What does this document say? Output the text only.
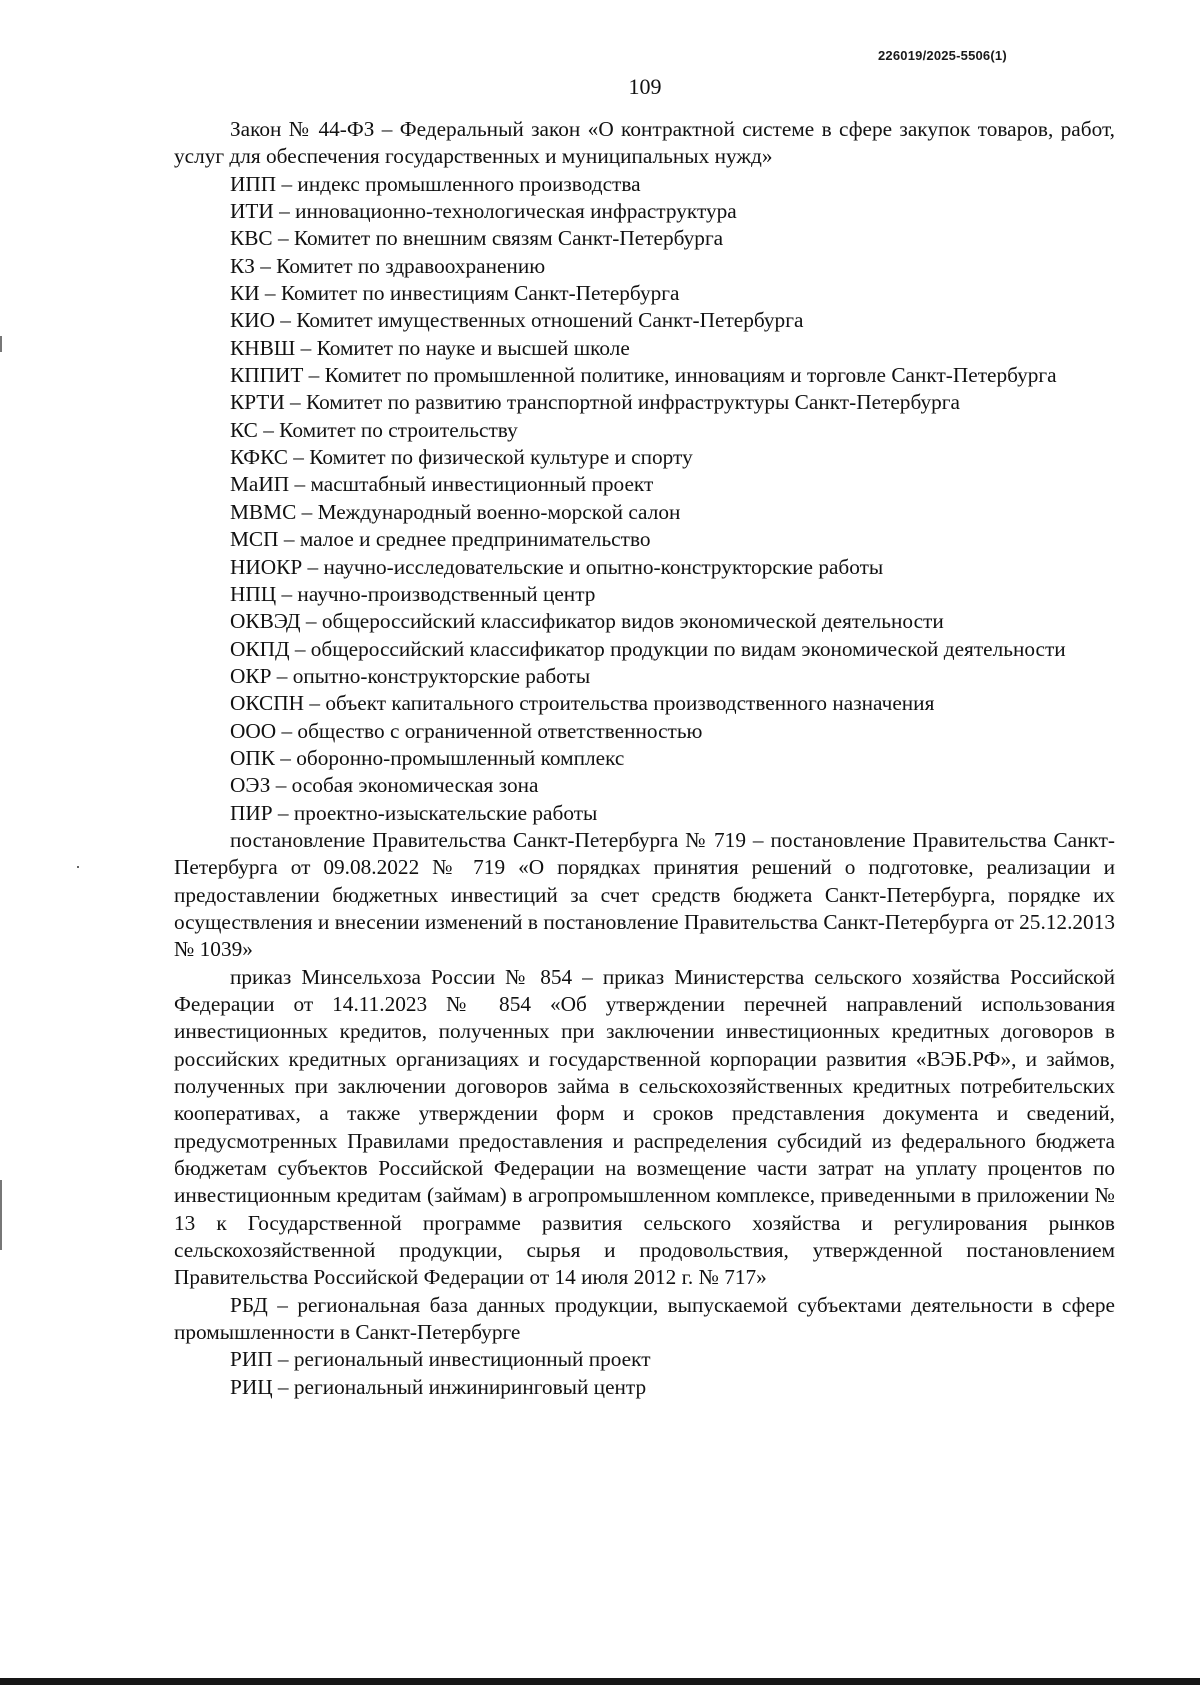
226019/2025-5506(1)
109

Закон № 44-ФЗ – Федеральный закон «О контрактной системе в сфере закупок товаров, работ, услуг для обеспечения государственных и муниципальных нужд»

ИПП – индекс промышленного производства

ИТИ – инновационно-технологическая инфраструктура

КВС – Комитет по внешним связям Санкт-Петербурга

КЗ – Комитет по здравоохранению

КИ – Комитет по инвестициям Санкт-Петербурга

КИО – Комитет имущественных отношений Санкт-Петербурга

КНВШ – Комитет по науке и высшей школе

КППИТ – Комитет по промышленной политике, инновациям и торговле Санкт-Петербурга

КРТИ – Комитет по развитию транспортной инфраструктуры Санкт-Петербурга

КС – Комитет по строительству

КФКС – Комитет по физической культуре и спорту

МаИП – масштабный инвестиционный проект

МВМС – Международный военно-морской салон

МСП – малое и среднее предпринимательство

НИОКР – научно-исследовательские и опытно-конструкторские работы

НПЦ – научно-производственный центр

ОКВЭД – общероссийский классификатор видов экономической деятельности

ОКПД – общероссийский классификатор продукции по видам экономической деятельности

ОКР – опытно-конструкторские работы

ОКСПН – объект капитального строительства производственного назначения

ООО – общество с ограниченной ответственностью

ОПК – оборонно-промышленный комплекс

ОЭЗ – особая экономическая зона

ПИР – проектно-изыскательские работы

постановление Правительства Санкт-Петербурга № 719 – постановление Правительства Санкт-Петербурга от 09.08.2022 № 719 «О порядках принятия решений о подготовке, реализации и предоставлении бюджетных инвестиций за счет средств бюджета Санкт-Петербурга, порядке их осуществления и внесении изменений в постановление Правительства Санкт-Петербурга от 25.12.2013 № 1039»

приказ Минсельхоза России № 854 – приказ Министерства сельского хозяйства Российской Федерации от 14.11.2023 № 854 «Об утверждении перечней направлений использования инвестиционных кредитов, полученных при заключении инвестиционных кредитных договоров в российских кредитных организациях и государственной корпорации развития «ВЭБ.РФ», и займов, полученных при заключении договоров займа в сельскохозяйственных кредитных потребительских кооперативах, а также утверждении форм и сроков представления документа и сведений, предусмотренных Правилами предоставления и распределения субсидий из федерального бюджета бюджетам субъектов Российской Федерации на возмещение части затрат на уплату процентов по инвестиционным кредитам (займам) в агропромышленном комплексе, приведенными в приложении № 13 к Государственной программе развития сельского хозяйства и регулирования рынков сельскохозяйственной продукции, сырья и продовольствия, утвержденной постановлением Правительства Российской Федерации от 14 июля 2012 г. № 717»

РБД – региональная база данных продукции, выпускаемой субъектами деятельности в сфере промышленности в Санкт-Петербурге

РИП – региональный инвестиционный проект

РИЦ – региональный инжиниринговый центр
